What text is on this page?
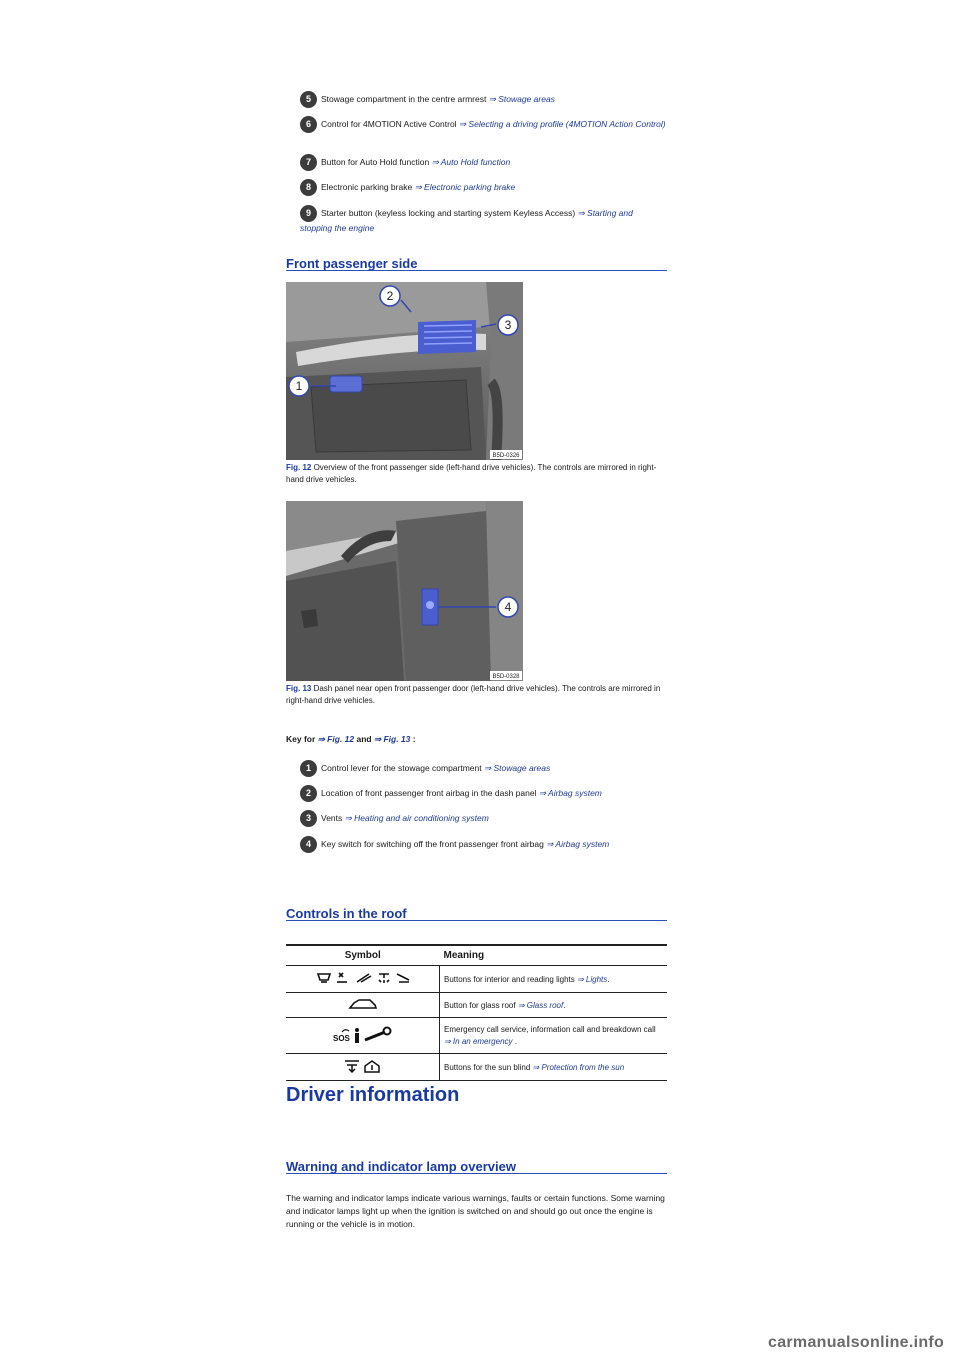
5 Stowage compartment in the centre armrest ⇒ Stowage areas
6 Control for 4MOTION Active Control ⇒ Selecting a driving profile (4MOTION Action Control)
7 Button for Auto Hold function ⇒ Auto Hold function
8 Electronic parking brake ⇒ Electronic parking brake
9 Starter button (keyless locking and starting system Keyless Access) ⇒ Starting and stopping the engine
Front passenger side
1
2
3
B5D-0326
Fig. 12 Overview of the front passenger side (left-hand drive vehicles). The controls are mirrored in right-hand drive vehicles.
4
B5D-0328
Fig. 13 Dash panel near open front passenger door (left-hand drive vehicles). The controls are mirrored in right-hand drive vehicles.
Key for ⇒ Fig. 12 and ⇒ Fig. 13 :
1 Control lever for the stowage compartment ⇒ Stowage areas
2 Location of front passenger front airbag in the dash panel ⇒ Airbag system
3 Vents ⇒ Heating and air conditioning system
4 Key switch for switching off the front passenger front airbag ⇒ Airbag system
Controls in the roof
Symbol	Meaning
	Buttons for interior and reading lights ⇒ Lights.
	Button for glass roof ⇒ Glass roof.

SOS	Emergency call service, information call and breakdown call ⇒ In an emergency .
	Buttons for the sun blind ⇒ Protection from the sun
Driver information
Warning and indicator lamp overview
The warning and indicator lamps indicate various warnings, faults or certain functions. Some warning and indicator lamps light up when the ignition is switched on and should go out once the engine is running or the vehicle is in motion.
carmanualsonline.info
